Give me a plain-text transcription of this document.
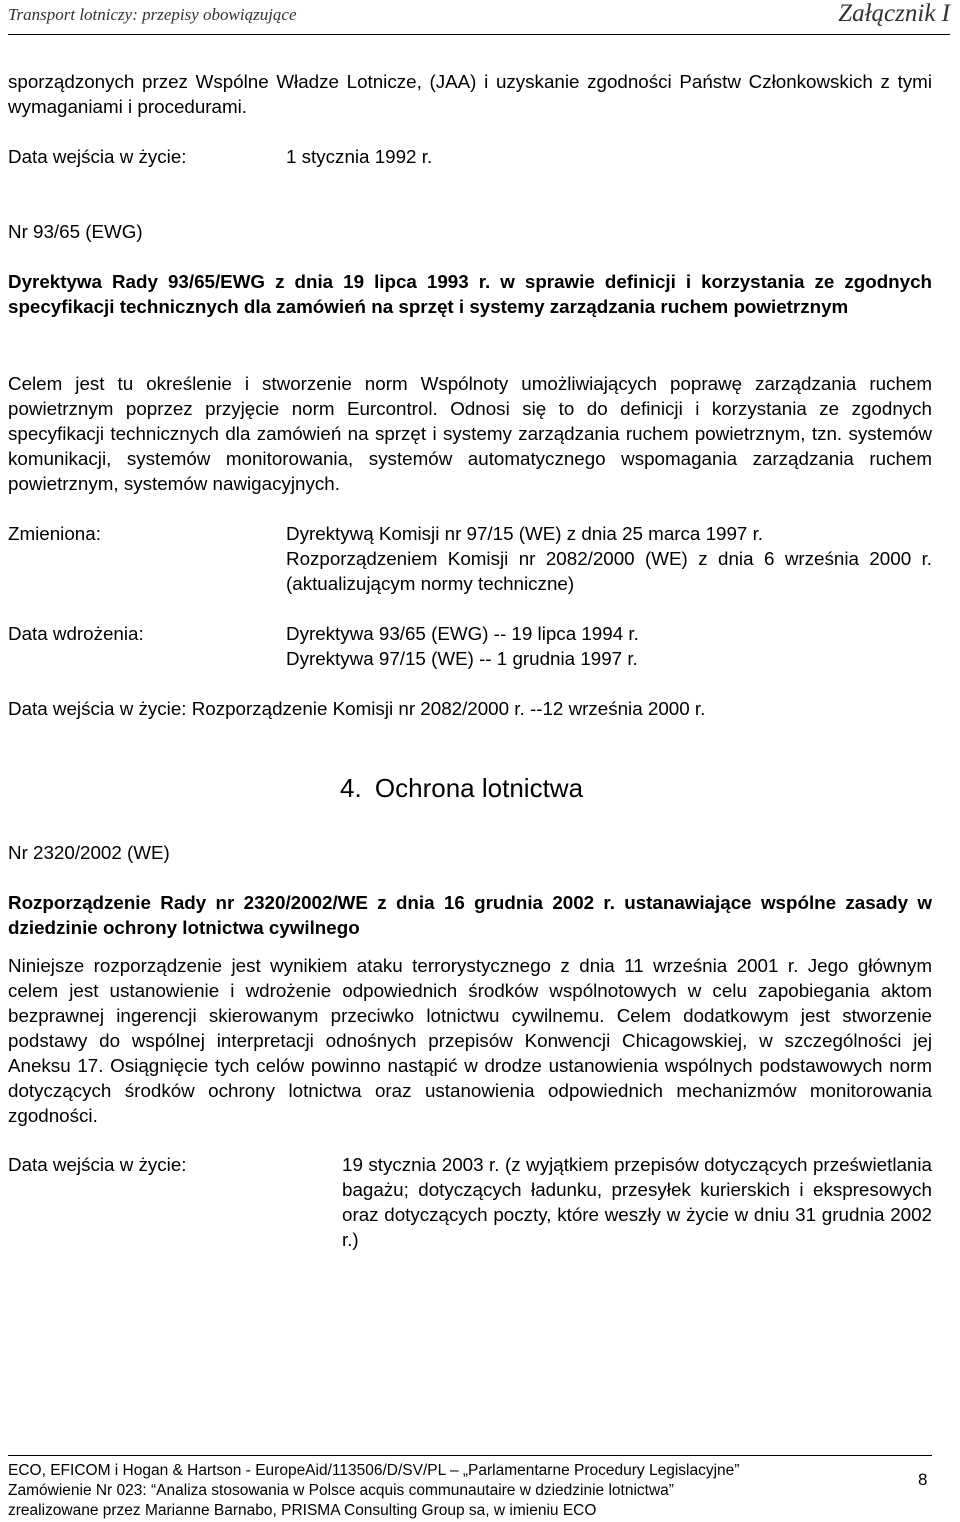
Transport lotniczy: przepisy obowiązujące	Załącznik I
sporządzonych przez Wspólne Władze Lotnicze, (JAA) i uzyskanie zgodności Państw Członkowskich z tymi wymaganiami i procedurami.
Data wejścia w życie:	1 stycznia 1992 r.
Nr 93/65 (EWG)
Dyrektywa Rady 93/65/EWG z dnia 19 lipca 1993 r. w sprawie definicji i korzystania ze zgodnych specyfikacji technicznych dla zamówień na sprzęt i systemy zarządzania ruchem powietrznym
Celem jest tu określenie i stworzenie norm Wspólnoty umożliwiających poprawę zarządzania ruchem powietrznym poprzez przyjęcie norm Eurcontrol. Odnosi się to do definicji i korzystania ze zgodnych specyfikacji technicznych dla zamówień na sprzęt i systemy zarządzania ruchem powietrznym, tzn. systemów komunikacji, systemów monitorowania, systemów automatycznego wspomagania zarządzania ruchem powietrznym, systemów nawigacyjnych.
Zmieniona:	Dyrektywą Komisji nr 97/15 (WE) z dnia 25 marca 1997 r.
Rozporządzeniem Komisji nr 2082/2000 (WE) z dnia 6 września 2000 r. (aktualizującym normy techniczne)
Data wdrożenia:	Dyrektywa 93/65 (EWG) -- 19 lipca 1994 r.
Dyrektywa 97/15 (WE) -- 1 grudnia 1997 r.
Data wejścia w życie: Rozporządzenie Komisji nr 2082/2000 r. --12 września 2000 r.
4. Ochrona lotnictwa
Nr 2320/2002 (WE)
Rozporządzenie Rady nr 2320/2002/WE z dnia 16 grudnia 2002 r. ustanawiające wspólne zasady w dziedzinie ochrony lotnictwa cywilnego
Niniejsze rozporządzenie jest wynikiem ataku terrorystycznego z dnia 11 września 2001 r. Jego głównym celem jest ustanowienie i wdrożenie odpowiednich środków wspólnotowych w celu zapobiegania aktom bezprawnej ingerencji skierowanym przeciwko lotnictwu cywilnemu. Celem dodatkowym jest stworzenie podstawy do wspólnej interpretacji odnośnych przepisów Konwencji Chicagowskiej, w szczególności jej Aneksu 17. Osiągnięcie tych celów powinno nastąpić w drodze ustanowienia wspólnych podstawowych norm dotyczących środków ochrony lotnictwa oraz ustanowienia odpowiednich mechanizmów monitorowania zgodności.
Data wejścia w życie:	19 stycznia 2003 r. (z wyjątkiem przepisów dotyczących prześwietlania bagażu; dotyczących ładunku, przesyłek kurierskich i ekspresowych oraz dotyczących poczty, które weszły w życie w dniu 31 grudnia 2002 r.)
ECO, EFICOM i Hogan & Hartson - EuropeAid/113506/D/SV/PL – „Parlamentarne Procedury Legislacyjne”
Zamówienie Nr 023: “Analiza stosowania w Polsce acquis communautaire w dziedzinie lotnictwa”
zrealizowane przez Marianne Barnabo, PRISMA Consulting Group sa, w imieniu ECO
8
